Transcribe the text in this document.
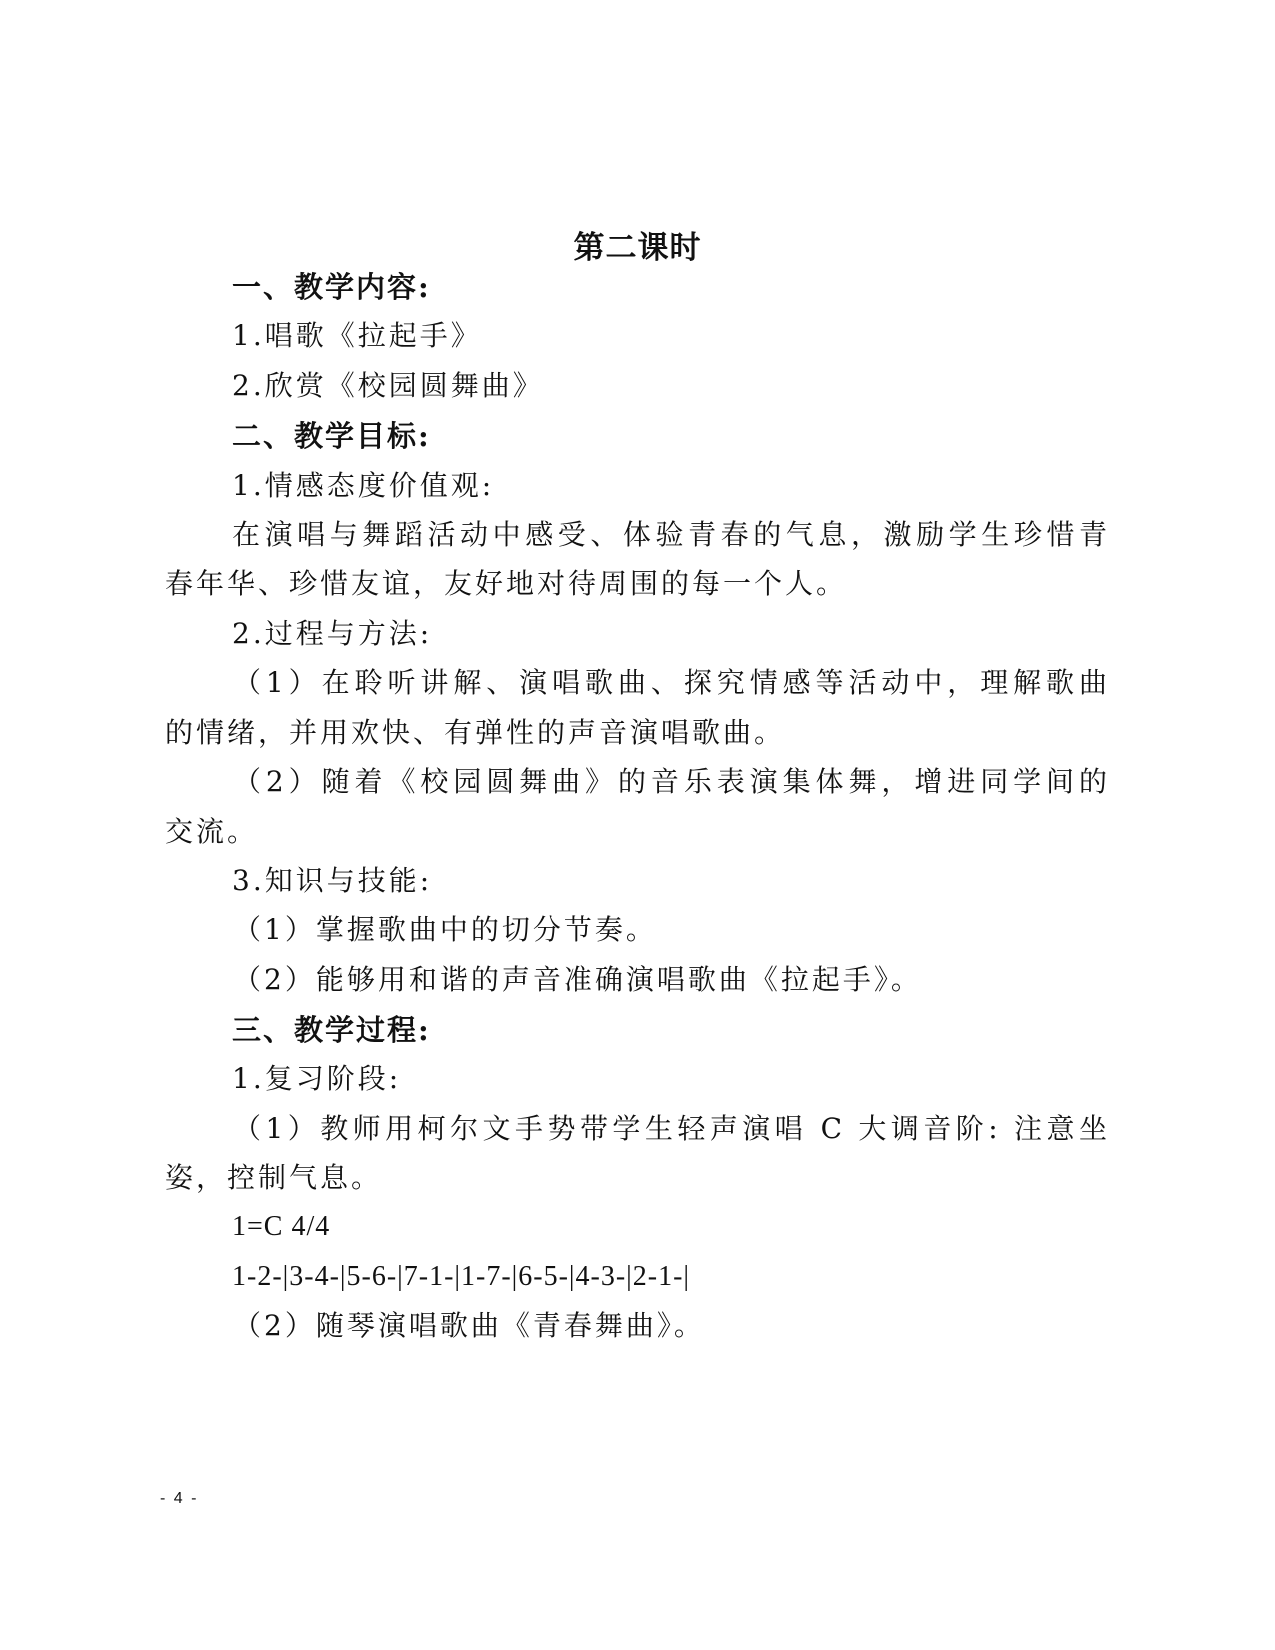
第二课时
一、教学内容:
1.唱歌《拉起手》
2.欣赏《校园圆舞曲》
二、教学目标:
1.情感态度价值观:
在演唱与舞蹈活动中感受、体验青春的气息，激励学生珍惜青
春年华、珍惜友谊，友好地对待周围的每一个人。
2.过程与方法:
（1）在聆听讲解、演唱歌曲、探究情感等活动中，理解歌曲
的情绪，并用欢快、有弹性的声音演唱歌曲。
（2）随着《校园圆舞曲》的音乐表演集体舞，增进同学间的
交流。
3.知识与技能:
（1）掌握歌曲中的切分节奏。
（2）能够用和谐的声音准确演唱歌曲《拉起手》。
三、教学过程:
1.复习阶段:
（1）教师用柯尔文手势带学生轻声演唱 C 大调音阶: 注意坐
姿，控制气息。
1=C 4/4
1-2-|3-4-|5-6-|7-1-|1-7-|6-5-|4-3-|2-1-|
（2）随琴演唱歌曲《青春舞曲》。
- 4 -
